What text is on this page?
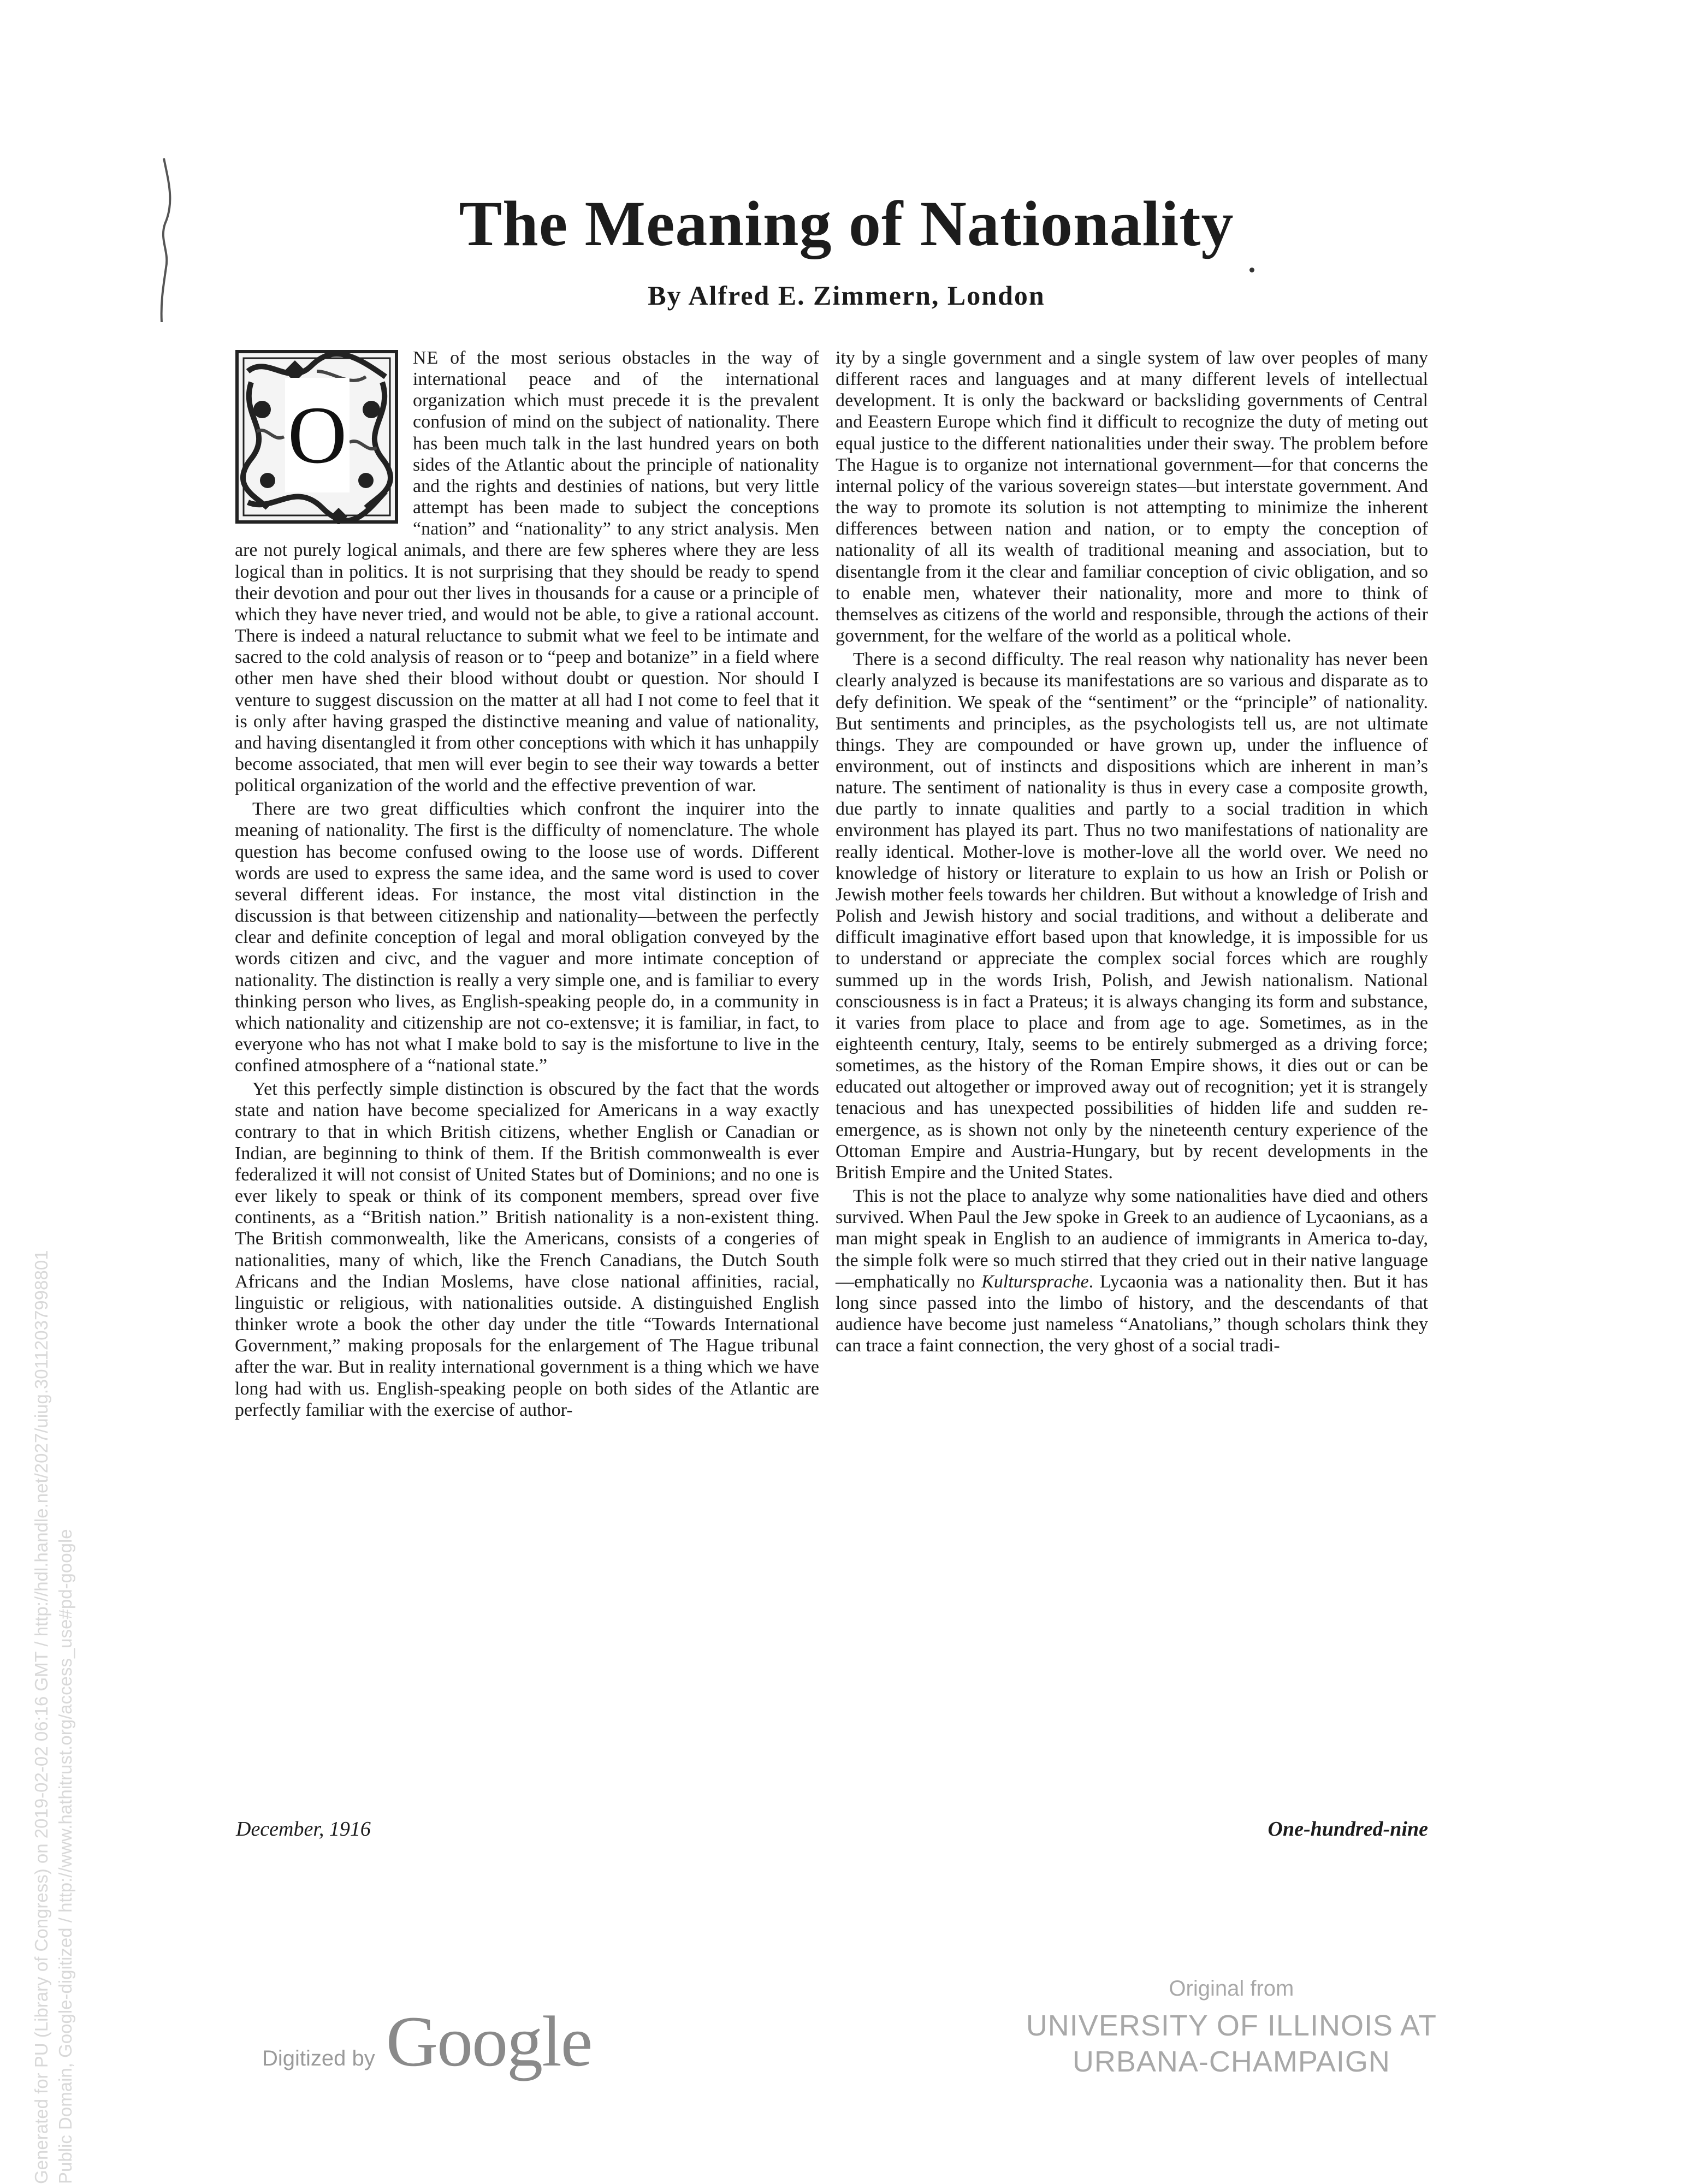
The Meaning of Nationality
By Alfred E. Zimmern, London

O
NE of the most serious obstacles in the way of international peace and of the international organization which must precede it is the prevalent confusion of mind on the subject of nationality. There has been much talk in the last hundred years on both sides of the Atlantic about the principle of nationality and the rights and destinies of nations, but very little attempt has been made to subject the conceptions “nation” and “nationality” to any strict analysis. Men are not purely logical animals, and there are few spheres where they are less logical than in politics. It is not surprising that they should be ready to spend their devotion and pour out ther lives in thousands for a cause or a principle of which they have never tried, and would not be able, to give a rational account. There is indeed a natural reluctance to submit what we feel to be intimate and sacred to the cold analysis of reason or to “peep and botanize” in a field where other men have shed their blood without doubt or question. Nor should I venture to suggest discussion on the matter at all had I not come to feel that it is only after having grasped the distinctive meaning and value of nationality, and having disentangled it from other conceptions with which it has unhappily become associated, that men will ever begin to see their way towards a better political organization of the world and the effective prevention of war.

There are two great difficulties which confront the inquirer into the meaning of nationality. The first is the difficulty of nomenclature. The whole question has become confused owing to the loose use of words. Different words are used to express the same idea, and the same word is used to cover several different ideas. For instance, the most vital distinction in the discussion is that between citizenship and nationality—between the perfectly clear and definite conception of legal and moral obligation conveyed by the words citizen and civc, and the vaguer and more intimate conception of nationality. The distinction is really a very simple one, and is familiar to every thinking person who lives, as English-speaking people do, in a community in which nationality and citizenship are not co-extensve; it is familiar, in fact, to everyone who has not what I make bold to say is the misfortune to live in the confined atmosphere of a “national state.”

Yet this perfectly simple distinction is obscured by the fact that the words state and nation have become specialized for Americans in a way exactly contrary to that in which British citizens, whether English or Canadian or Indian, are beginning to think of them. If the British commonwealth is ever federalized it will not consist of United States but of Dominions; and no one is ever likely to speak or think of its component members, spread over five continents, as a “British nation.” British nationality is a non-existent thing. The British commonwealth, like the Americans, consists of a congeries of nationalities, many of which, like the French Canadians, the Dutch South Africans and the Indian Moslems, have close national affinities, racial, linguistic or religious, with nationalities outside. A distinguished English thinker wrote a book the other day under the title “Towards International Government,” making proposals for the enlargement of The Hague tribunal after the war. But in reality international government is a thing which we have long had with us. English-speaking people on both sides of the Atlantic are perfectly familiar with the exercise of author-

ity by a single government and a single system of law over peoples of many different races and languages and at many different levels of intellectual development. It is only the backward or backsliding governments of Central and Eeastern Europe which find it difficult to recognize the duty of meting out equal justice to the different nationalities under their sway. The problem before The Hague is to organize not international government—for that concerns the internal policy of the various sovereign states—but interstate government. And the way to promote its solution is not attempting to minimize the inherent differences between nation and nation, or to empty the conception of nationality of all its wealth of traditional meaning and association, but to disentangle from it the clear and familiar conception of civic obligation, and so to enable men, whatever their nationality, more and more to think of themselves as citizens of the world and responsible, through the actions of their government, for the welfare of the world as a political whole.

There is a second difficulty. The real reason why nationality has never been clearly analyzed is because its manifestations are so various and disparate as to defy definition. We speak of the “sentiment” or the “principle” of nationality. But sentiments and principles, as the psychologists tell us, are not ultimate things. They are compounded or have grown up, under the influence of environment, out of instincts and dispositions which are inherent in man’s nature. The sentiment of nationality is thus in every case a composite growth, due partly to innate qualities and partly to a social tradition in which environment has played its part. Thus no two manifestations of nationality are really identical. Mother-love is mother-love all the world over. We need no knowledge of history or literature to explain to us how an Irish or Polish or Jewish mother feels towards her children. But without a knowledge of Irish and Polish and Jewish history and social traditions, and without a deliberate and difficult imaginative effort based upon that knowledge, it is impossible for us to understand or appreciate the complex social forces which are roughly summed up in the words Irish, Polish, and Jewish nationalism. National consciousness is in fact a Prateus; it is always changing its form and substance, it varies from place to place and from age to age. Sometimes, as in the eighteenth century, Italy, seems to be entirely submerged as a driving force; sometimes, as the history of the Roman Empire shows, it dies out or can be educated out altogether or improved away out of recognition; yet it is strangely tenacious and has unexpected possibilities of hidden life and sudden re-emergence, as is shown not only by the nineteenth century experience of the Ottoman Empire and Austria-Hungary, but by recent developments in the British Empire and the United States.

This is not the place to analyze why some nationalities have died and others survived. When Paul the Jew spoke in Greek to an audience of Lycaonians, as a man might speak in English to an audience of immigrants in America to-day, the simple folk were so much stirred that they cried out in their native language—emphatically no Kultursprache. Lycaonia was a nationality then. But it has long since passed into the limbo of history, and the descendants of that audience have become just nameless “Anatolians,” though scholars think they can trace a faint connection, the very ghost of a social tradi-

December, 1916	One-hundred-nine
Digitized by Google
Original from
UNIVERSITY OF ILLINOIS AT
URBANA-CHAMPAIGN
Generated for PU (Library of Congress) on 2019-02-02 06:16 GMT / http://hdl.handle.net/2027/uiug.30112037998801 Public Domain, Google-digitized / http://www.hathitrust.org/access_use#pd-google
